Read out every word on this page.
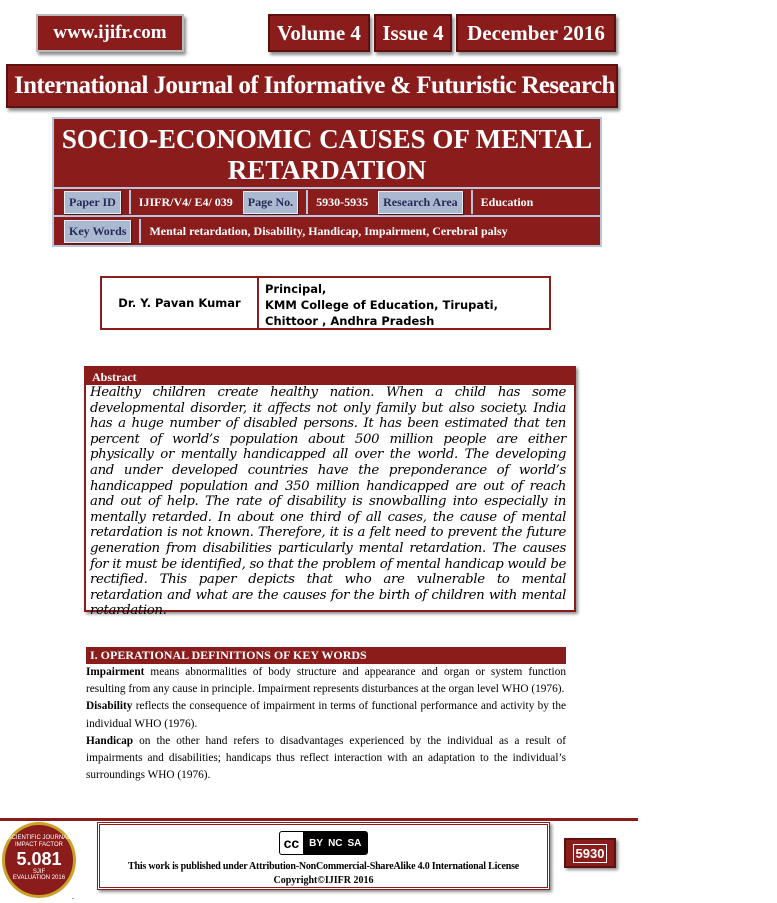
www.ijifr.com	Volume 4	Issue 4	December 2016
International Journal of Informative & Futuristic Research ISSN: 2347-1697
SOCIO-ECONOMIC CAUSES OF MENTAL RETARDATION
Paper ID	IJIFR/V4/ E4/ 039	Page No.	5930-5935	Research Area	Education
Key Words	Mental retardation, Disability, Handicap, Impairment, Cerebral palsy
Dr. Y. Pavan Kumar
Principal,
KMM College of Education, Tirupati,
Chittoor , Andhra Pradesh
Abstract
Healthy children create healthy nation. When a child has some developmental disorder, it affects not only family but also society. India has a huge number of disabled persons. It has been estimated that ten percent of world’s population about 500 million people are either physically or mentally handicapped all over the world. The developing and under developed countries have the preponderance of world’s handicapped population and 350 million handicapped are out of reach and out of help. The rate of disability is snowballing into especially in mentally retarded. In about one third of all cases, the cause of mental retardation is not known. Therefore, it is a felt need to prevent the future generation from disabilities particularly mental retardation. The causes for it must be identified, so that the problem of mental handicap would be rectified. This paper depicts that who are vulnerable to mental retardation and what are the causes for the birth of children with mental retardation.
I. OPERATIONAL DEFINITIONS OF KEY WORDS

Impairment means abnormalities of body structure and appearance and organ or system function resulting from any cause in principle. Impairment represents disturbances at the organ level WHO (1976).

Disability reflects the consequence of impairment in terms of functional performance and activity by the individual WHO (1976).

Handicap on the other hand refers to disadvantages experienced by the individual as a result of impairments and disabilities; handicaps thus reflect interaction with an adaptation to the individual’s surroundings WHO (1976).

SCIENTIFIC JOURNAL IMPACT FACTOR
5.081
SJIF
EVALUATION 2016
cc	BY NC SA
This work is published under Attribution-NonCommercial-ShareAlike 4.0 International License
Copyright©IJIFR 2016
5930
.
